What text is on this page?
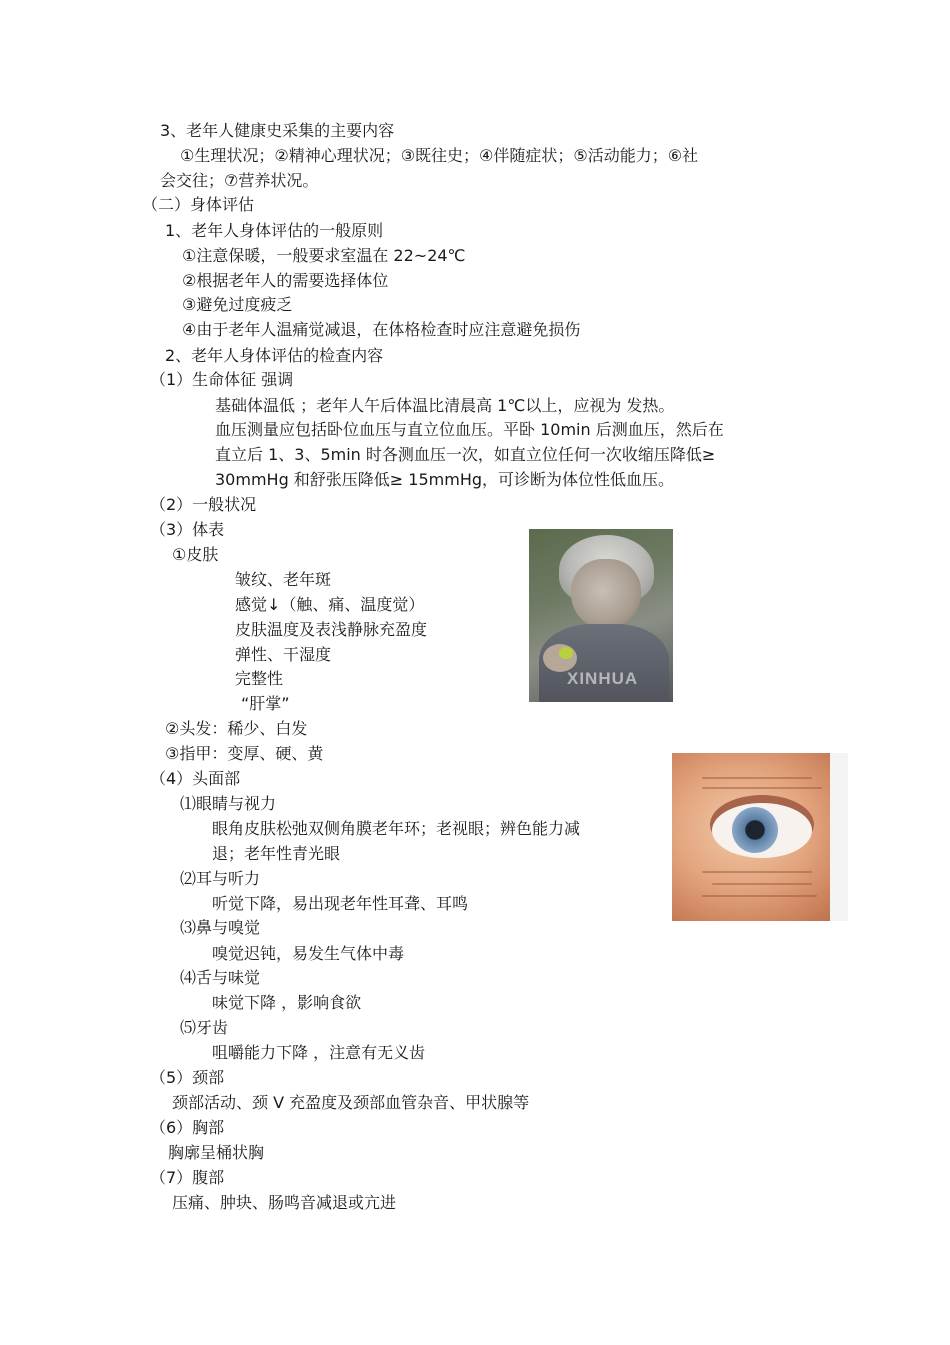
3、老年人健康史采集的主要内容
①生理状况；②精神心理状况；③既往史；④伴随症状；⑤活动能力；⑥社
会交往；⑦营养状况。
（二）身体评估
1、老年人身体评估的一般原则
①注意保暖，一般要求室温在 22~24℃
②根据老年人的需要选择体位
③避免过度疲乏
④由于老年人温痛觉减退，在体格检查时应注意避免损伤
2、老年人身体评估的检查内容
（1）生命体征 强调
基础体温低 ；老年人午后体温比清晨高 1℃以上，应视为 发热。
血压测量应包括卧位血压与直立位血压。平卧 10min 后测血压，然后在
直立后 1、3、5min 时各测血压一次，如直立位任何一次收缩压降低≥
30mmHg 和舒张压降低≥ 15mmHg，可诊断为体位性低血压。
（2）一般状况
（3）体表
①皮肤
皱纹、老年斑
感觉↓（触、痛、温度觉）
皮肤温度及表浅静脉充盈度
弹性、干湿度
完整性
“肝掌”
②头发：稀少、白发
③指甲：变厚、硬、黄
（4）头面部
⑴眼睛与视力
眼角皮肤松弛双侧角膜老年环；老视眼；辨色能力减
退；老年性青光眼
⑵耳与听力
听觉下降，易出现老年性耳聋、耳鸣
⑶鼻与嗅觉
嗅觉迟钝，易发生气体中毒
⑷舌与味觉
味觉下降 ，影响食欲
⑸牙齿
咀嚼能力下降 ，注意有无义齿
（5）颈部
颈部活动、颈 V 充盈度及颈部血管杂音、甲状腺等
（6）胸部
胸廓呈桶状胸
（7）腹部
压痛、肿块、肠鸣音减退或亢进
XINHUA
